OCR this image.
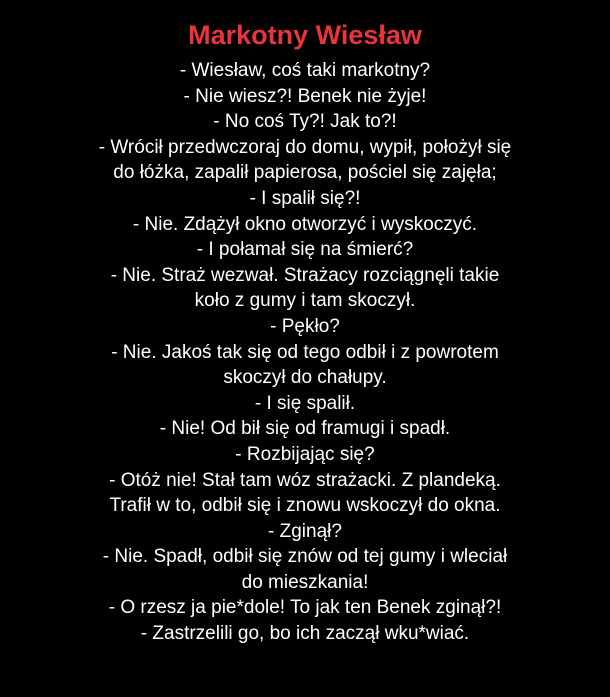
Markotny Wiesław
- Wiesław, coś taki markotny?
- Nie wiesz?! Benek nie żyje!
- No coś Ty?! Jak to?!
- Wrócił przedwczoraj do domu, wypił, położył się
do łóżka, zapalił papierosa, pościel się zajęła;
- I spalił się?!
- Nie. Zdążył okno otworzyć i wyskoczyć.
- I połamał się na śmierć?
- Nie. Straż wezwał. Strażacy rozciągnęli takie
koło z gumy i tam skoczył.
- Pękło?
- Nie. Jakoś tak się od tego odbił i z powrotem
skoczył do chałupy.
- I się spalił.
- Nie! Od bił się od framugi i spadł.
- Rozbijając się?
- Otóż nie! Stał tam wóz strażacki. Z plandeką.
Trafił w to, odbił się i znowu wskoczył do okna.
- Zginął?
- Nie. Spadł, odbił się znów od tej gumy i wleciał
do mieszkania!
- O rzesz ja pie*dole! To jak ten Benek zginął?!
- Zastrzelili go, bo ich zaczął wku*wiać.
